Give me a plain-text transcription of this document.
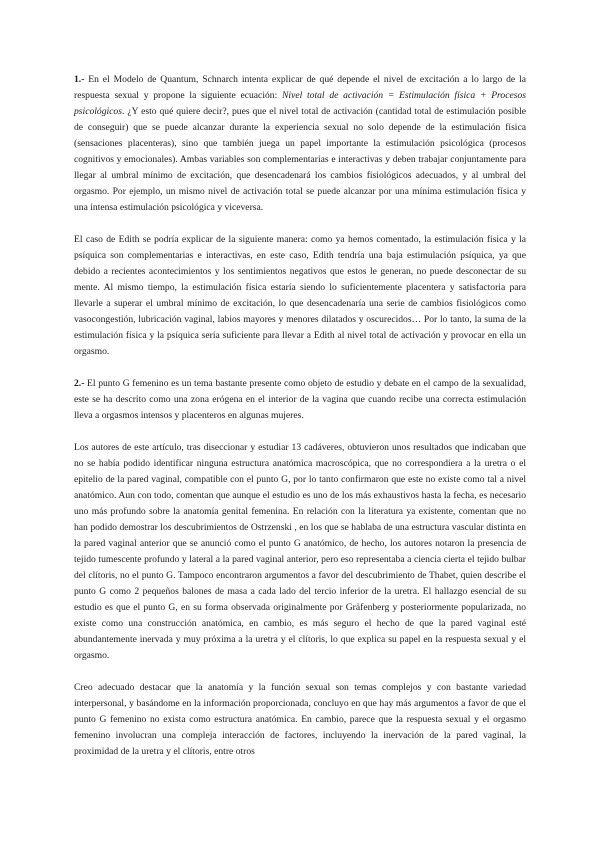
1.- En el Modelo de Quantum, Schnarch intenta explicar de qué depende el nivel de excitación a lo largo de la respuesta sexual y propone la siguiente ecuación: Nivel total de activación = Estimulación física + Procesos psicológicos. ¿Y esto qué quiere decir?, pues que el nivel total de activación (cantidad total de estimulación posible de conseguir) que se puede alcanzar durante la experiencia sexual no solo depende de la estimulación física (sensaciones placenteras), sino que también juega un papel importante la estimulación psicológica (procesos cognitivos y emocionales). Ambas variables son complementarias e interactivas y deben trabajar conjuntamente para llegar al umbral mínimo de excitación, que desencadenará los cambios fisiológicos adecuados, y al umbral del orgasmo. Por ejemplo, un mismo nivel de activación total se puede alcanzar por una mínima estimulación física y una intensa estimulación psicológica y viceversa.

El caso de Edith se podría explicar de la siguiente manera: como ya hemos comentado, la estimulación física y la psíquica son complementarias e interactivas, en este caso, Edith tendría una baja estimulación psíquica, ya que debido a recientes acontecimientos y los sentimientos negativos que estos le generan, no puede desconectar de su mente. Al mismo tiempo, la estimulación física estaría siendo lo suficientemente placentera y satisfactoria para llevarle a superar el umbral mínimo de excitación, lo que desencadenaría una serie de cambios fisiológicos como vasocongestión, lubricación vaginal, labios mayores y menores dilatados y oscurecidos… Por lo tanto, la suma de la estimulación física y la psíquica sería suficiente para llevar a Edith al nivel total de activación y provocar en ella un orgasmo.

2.- El punto G femenino es un tema bastante presente como objeto de estudio y debate en el campo de la sexualidad, este se ha descrito como una zona erógena en el interior de la vagina que cuando recibe una correcta estimulación lleva a orgasmos intensos y placenteros en algunas mujeres.

Los autores de este artículo, tras diseccionar y estudiar 13 cadáveres, obtuvieron unos resultados que indicaban que no se había podido identificar ninguna estructura anatómica macroscópica, que no correspondiera a la uretra o el epitelio de la pared vaginal, compatible con el punto G, por lo tanto confirmaron que este no existe como tal a nivel anatómico. Aun con todo, comentan que aunque el estudio es uno de los más exhaustivos hasta la fecha, es necesario uno más profundo sobre la anatomía genital femenina. En relación con la literatura ya existente, comentan que no han podido demostrar los descubrimientos de Ostrzenski , en los que se hablaba de una estructura vascular distinta en la pared vaginal anterior que se anunció como el punto G anatómico, de hecho, los autores notaron la presencia de tejido tumescente profundo y lateral a la pared vaginal anterior, pero eso representaba a ciencia cierta el tejido bulbar del clítoris, no el punto G. Tampoco encontraron argumentos a favor del descubrimiento de Thabet, quien describe el punto G como 2 pequeños balones de masa a cada lado del tercio inferior de la uretra. El hallazgo esencial de su estudio es que el punto G, en su forma observada originalmente por Gräfenberg y posteriormente popularizada, no existe como una construcción anatómica, en cambio, es más seguro el hecho de que la pared vaginal esté abundantemente inervada y muy próxima a la uretra y el clítoris, lo que explica su papel en la respuesta sexual y el orgasmo.

Creo adecuado destacar que la anatomía y la función sexual son temas complejos y con bastante variedad interpersonal, y basándome en la información proporcionada, concluyo en que hay más argumentos a favor de que el punto G femenino no exista como estructura anatómica. En cambio, parece que la respuesta sexual y el orgasmo femenino involucran una compleja interacción de factores, incluyendo la inervación de la pared vaginal, la proximidad de la uretra y el clítoris, entre otros
